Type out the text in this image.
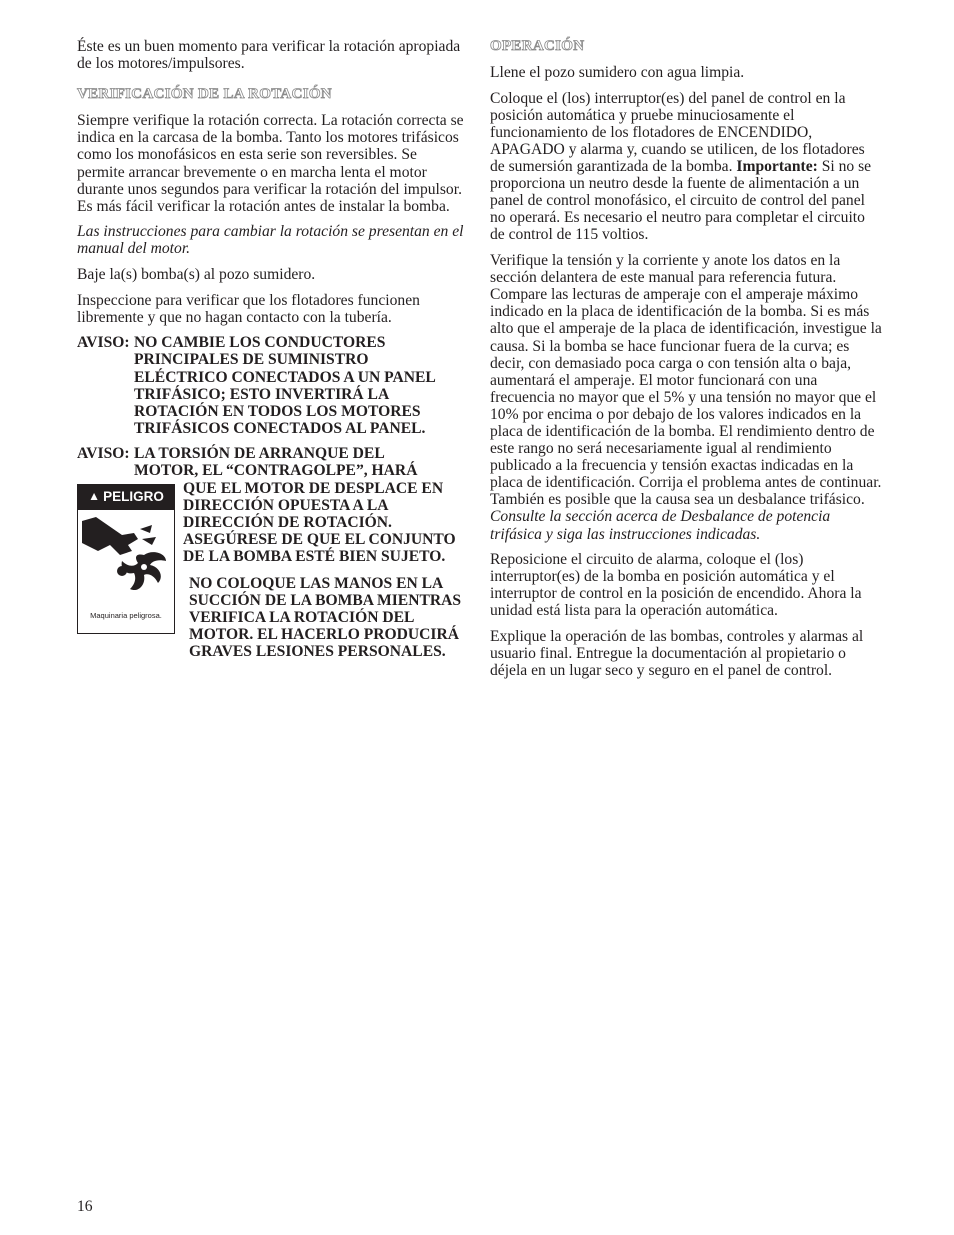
Éste es un buen momento para verificar la rotación apropiada de los motores/impulsores.

VERIFICACIÓN DE LA ROTACIÓN

Siempre verifique la rotación correcta. La rotación correcta se indica en la carcasa de la bomba. Tanto los motores trifásicos como los monofásicos en esta serie son reversibles. Se permite arrancar brevemente o en marcha lenta el motor durante unos segundos para verificar la rotación del impulsor. Es más fácil verificar la rotación antes de instalar la bomba.

Las instrucciones para cambiar la rotación se presentan en el manual del motor.

Baje la(s) bomba(s) al pozo sumidero.

Inspeccione para verificar que los flotadores funcionen libremente y que no hagan contacto con la tubería.

AVISO: NO CAMBIE LOS CONDUCTORES PRINCIPALES DE SUMINISTRO ELÉCTRICO CONECTADOS A UN PANEL TRIFÁSICO; ESTO INVERTIRÁ LA ROTACIÓN EN TODOS LOS MOTORES TRIFÁSICOS CONECTADOS AL PANEL.
AVISO: LA TORSIÓN DE ARRANQUE DEL
MOTOR, EL “CONTRAGOLPE”, HARÁ
▲ PELIGRO
Maquinaria peligrosa.
QUE EL MOTOR DE DESPLACE EN DIRECCIÓN OPUESTA A LA DIRECCIÓN DE ROTACIÓN. ASEGÚRESE DE QUE EL CONJUNTO DE LA BOMBA ESTÉ BIEN SUJETO.
NO COLOQUE LAS MANOS EN LA SUCCIÓN DE LA BOMBA MIENTRAS VERIFICA LA ROTACIÓN DEL MOTOR. EL HACERLO PRODUCIRÁ GRAVES LESIONES PERSONALES.
OPERACIÓN

Llene el pozo sumidero con agua limpia.

Coloque el (los) interruptor(es) del panel de control en la posición automática y pruebe minuciosamente el funcionamiento de los flotadores de ENCENDIDO, APAGADO y alarma y, cuando se utilicen, de los flotadores de sumersión garantizada de la bomba. Importante: Si no se proporciona un neutro desde la fuente de alimentación a un panel de control monofásico, el circuito de control del panel no operará. Es necesario el neutro para completar el circuito de control de 115 voltios.

Verifique la tensión y la corriente y anote los datos en la sección delantera de este manual para referencia futura. Compare las lecturas de amperaje con el amperaje máximo indicado en la placa de identificación de la bomba. Si es más alto que el amperaje de la placa de identificación, investigue la causa. Si la bomba se hace funcionar fuera de la curva; es decir, con demasiado poca carga o con tensión alta o baja, aumentará el amperaje. El motor funcionará con una frecuencia no mayor que el 5% y una tensión no mayor que el 10% por encima o por debajo de los valores indicados en la placa de identificación de la bomba. El rendimiento dentro de este rango no será necesariamente igual al rendimiento publicado a la frecuencia y tensión exactas indicadas en la placa de identificación. Corrija el problema antes de continuar. También es posible que la causa sea un desbalance trifásico. Consulte la sección acerca de Desbalance de potencia trifásica y siga las instrucciones indicadas.

Reposicione el circuito de alarma, coloque el (los) interruptor(es) de la bomba en posición automática y el interruptor de control en la posición de encendido. Ahora la unidad está lista para la operación automática.

Explique la operación de las bombas, controles y alarmas al usuario final. Entregue la documentación al propietario o déjela en un lugar seco y seguro en el panel de control.

16
